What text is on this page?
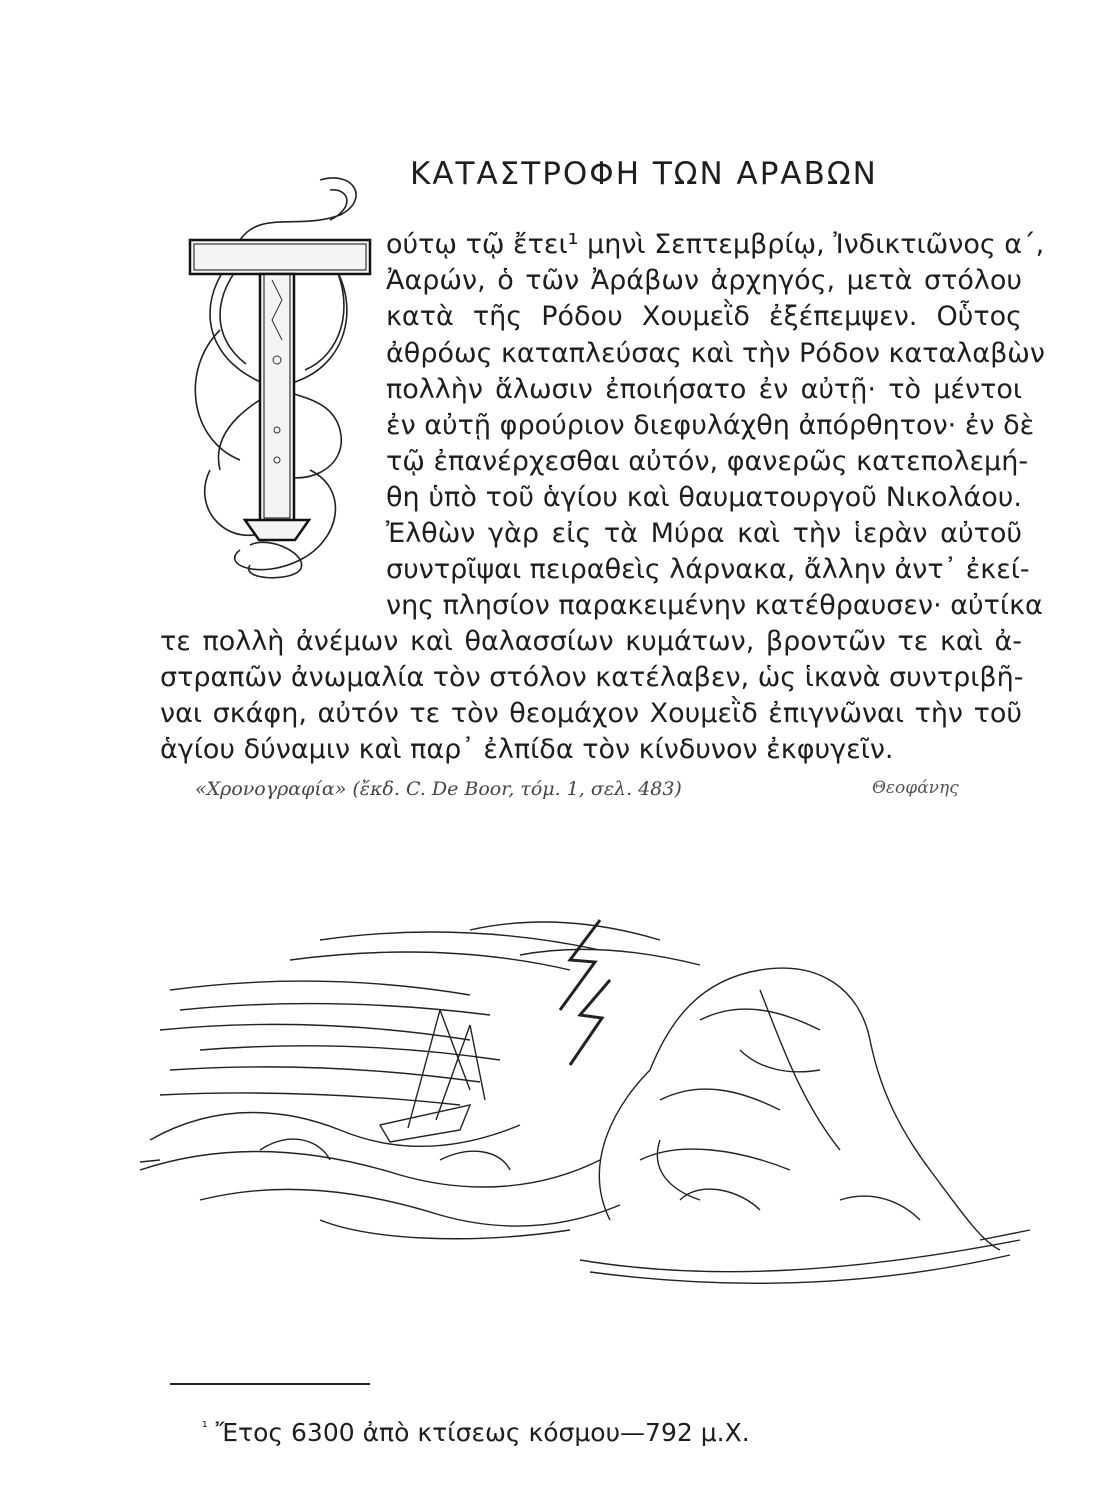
ΚΑΤΑΣΤΡΟΦΗ ΤΩΝ ΑΡΑΒΩΝ

ούτῳ τῷ ἔτει¹ μηνὶ Σεπτεμβρίῳ, Ἰνδικτιῶνος α΄,

Ἀαρών, ὁ τῶν Ἀράβων ἀρχηγός, μετὰ στόλου

κατὰ τῆς Ρόδου Χουμεῒδ ἐξέπεμψεν. Οὗτος

ἀθρόως καταπλεύσας καὶ τὴν Ρόδον καταλαβὼν

πολλὴν ἅλωσιν ἐποιήσατο ἐν αὐτῇ· τὸ μέντοι

ἐν αὐτῇ φρούριον διεφυλάχθη ἀπόρθητον· ἐν δὲ

τῷ ἐπανέρχεσθαι αὐτόν, φανερῶς κατεπολεμή-

θη ὑπὸ τοῦ ἁγίου καὶ θαυματουργοῦ Νικολάου.

Ἐλθὼν γὰρ εἰς τὰ Μύρα καὶ τὴν ἱερὰν αὐτοῦ

συντρῖψαι πειραθεὶς λάρνακα, ἄλλην ἀντ᾽ ἐκεί-

νης πλησίον παρακειμένην κατέθραυσεν· αὐτίκα

τε πολλὴ ἀνέμων καὶ θαλασσίων κυμάτων, βροντῶν τε καὶ ἀ-

στραπῶν ἀνωμαλία τὸν στόλον κατέλαβεν, ὡς ἱκανὰ συντριβῆ-

ναι σκάφη, αὐτόν τε τὸν θεομάχον Χουμεῒδ ἐπιγνῶναι τὴν τοῦ

ἁγίου δύναμιν καὶ παρ᾽ ἐλπίδα τὸν κίνδυνον ἐκφυγεῖν.

«Χρονογραφία» (ἔκδ. C. De Boor, τόμ. 1, σελ. 483)	Θεοφάνης
$^{^1}$ Ἔτος 6300 ἀπὸ κτίσεως κόσμου—792 μ.Χ.
